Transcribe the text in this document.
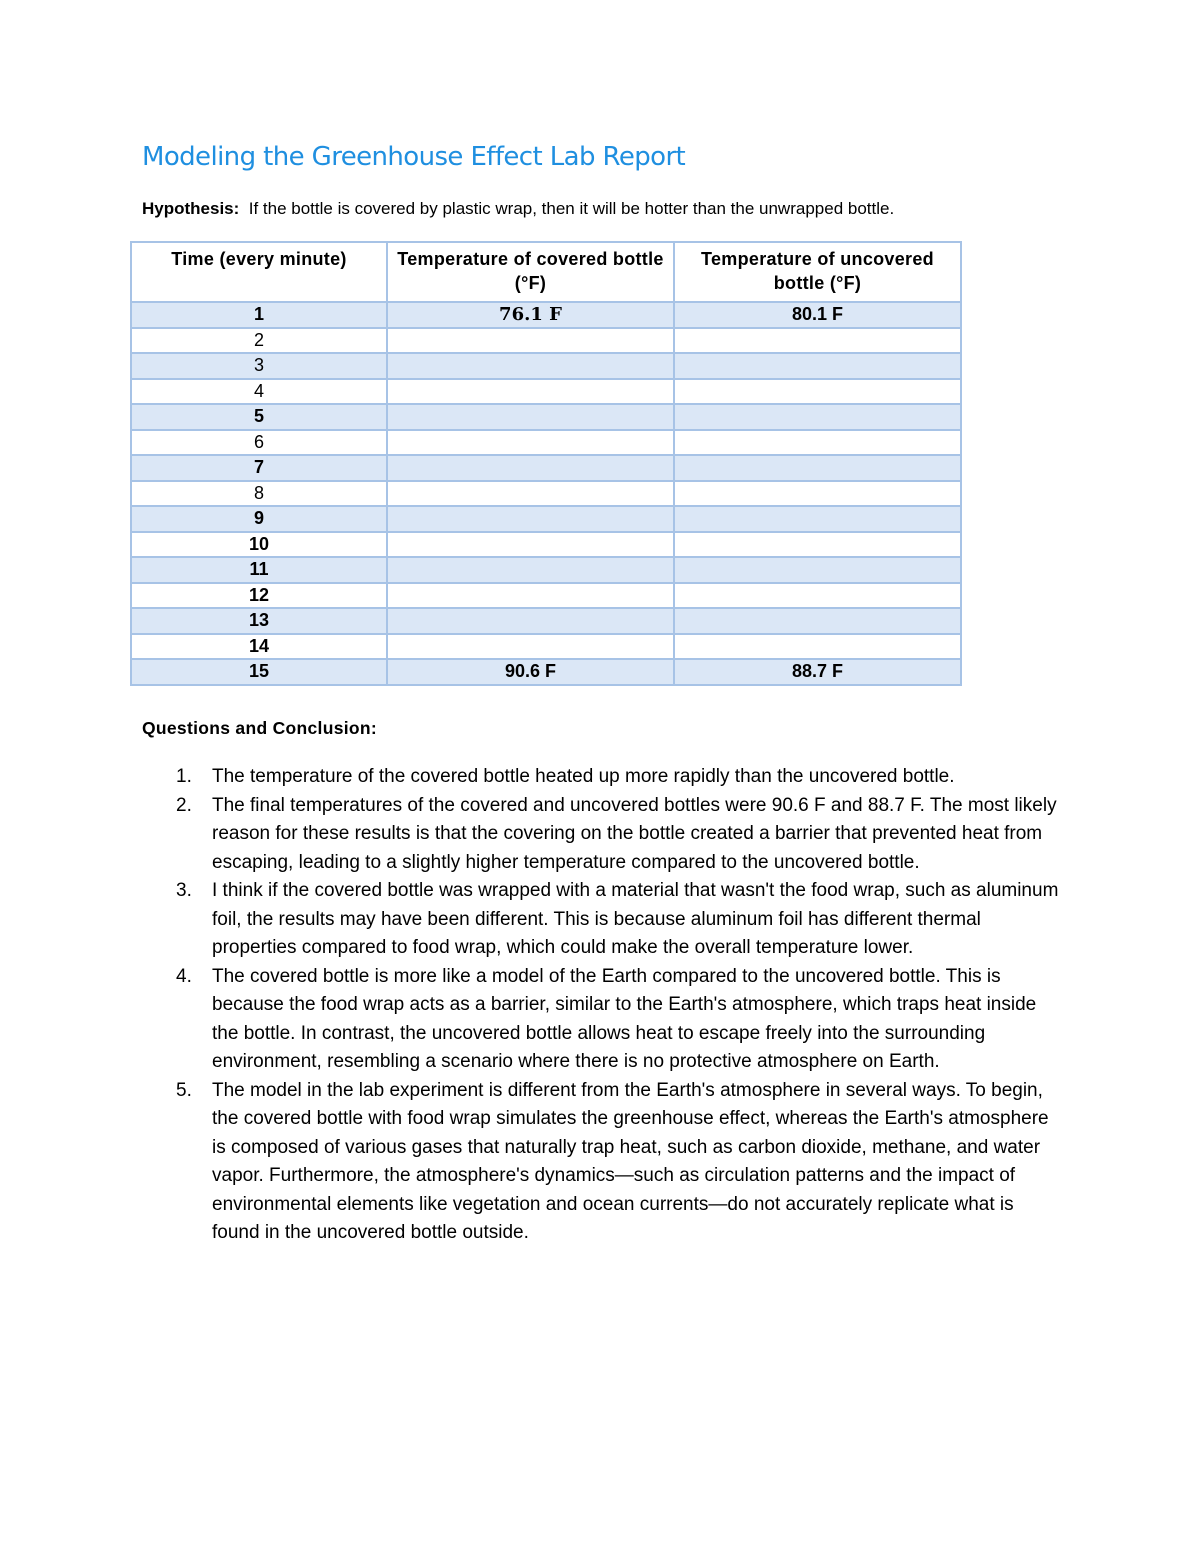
Modeling the Greenhouse Effect Lab Report

Hypothesis: If the bottle is covered by plastic wrap, then it will be hotter than the unwrapped bottle.

Time (every minute)	Temperature of covered bottle (°F)	Temperature of uncovered bottle (°F)
1	76.1 F	80.1 F
2		
3		
4		
5		
6		
7		
8		
9		
10		
11		
12		
13		
14		
15	90.6 F	88.7 F
Questions and Conclusion:
1. The temperature of the covered bottle heated up more rapidly than the uncovered bottle.
2. The final temperatures of the covered and uncovered bottles were 90.6 F and 88.7 F. The most likely reason for these results is that the covering on the bottle created a barrier that prevented heat from escaping, leading to a slightly higher temperature compared to the uncovered bottle.
3. I think if the covered bottle was wrapped with a material that wasn't the food wrap, such as aluminum foil, the results may have been different. This is because aluminum foil has different thermal properties compared to food wrap, which could make the overall temperature lower.
4. The covered bottle is more like a model of the Earth compared to the uncovered bottle. This is because the food wrap acts as a barrier, similar to the Earth's atmosphere, which traps heat inside the bottle. In contrast, the uncovered bottle allows heat to escape freely into the surrounding environment, resembling a scenario where there is no protective atmosphere on Earth.
5. The model in the lab experiment is different from the Earth's atmosphere in several ways. To begin, the covered bottle with food wrap simulates the greenhouse effect, whereas the Earth's atmosphere is composed of various gases that naturally trap heat, such as carbon dioxide, methane, and water vapor. Furthermore, the atmosphere's dynamics—such as circulation patterns and the impact of environmental elements like vegetation and ocean currents—do not accurately replicate what is found in the uncovered bottle outside.
